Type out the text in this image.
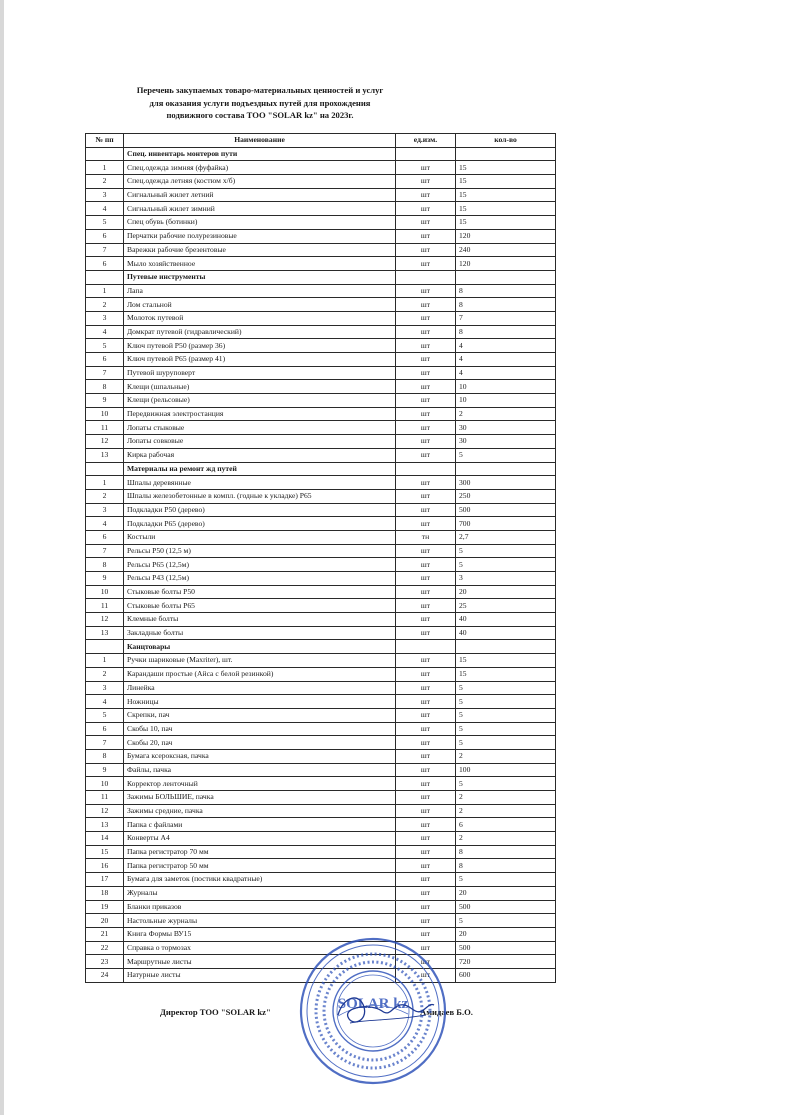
Перечень закупаемых товаро-материальных ценностей и услуг
для оказания услуги подъездных путей для прохождения
подвижного состава ТОО "SOLAR kz" на 2023г.
№ пп	Наименование	ед.изм.	кол-во
	Спец. инвентарь монтеров пути		
1	Спец.одежда зимняя (фуфайка)	шт	15
2	Спец.одежда летняя (костюм х/б)	шт	15
3	Сигнальный жилет летний	шт	15
4	Сигнальный жилет зимний	шт	15
5	Спец обувь (ботинки)	шт	15
6	Перчатки рабочие полурезиновые	шт	120
7	Варежки рабочие брезентовые	шт	240
6	Мыло хозяйственное	шт	120
	Путевые инструменты		
1	Лапа	шт	8
2	Лом стальной	шт	8
3	Молоток путевой	шт	7
4	Домкрат путевой (гидравлический)	шт	8
5	Ключ путевой Р50 (размер 36)	шт	4
6	Ключ путевой Р65 (размер 41)	шт	4
7	Путевой шуруповерт	шт	4
8	Клещи (шпальные)	шт	10
9	Клещи (рельсовые)	шт	10
10	Передвижная электростанция	шт	2
11	Лопаты стыковые	шт	30
12	Лопаты совковые	шт	30
13	Кирка рабочая	шт	5
	Материалы на ремонт жд путей		
1	Шпалы деревянные	шт	300
2	Шпалы железобетонные в компл. (годные к укладке) Р65	шт	250
3	Подкладки Р50 (дерево)	шт	500
4	Подкладки Р65 (дерево)	шт	700
6	Костыли	тн	2,7
7	Рельсы Р50 (12,5 м)	шт	5
8	Рельсы Р65 (12,5м)	шт	5
9	Рельсы Р43 (12,5м)	шт	3
10	Стыковые болты Р50	шт	20
11	Стыковые болты Р65	шт	25
12	Клемные болты	шт	40
13	Закладные болты	шт	40
	Канцтовары		
1	Ручки шариковые (Maxriter), шт.	шт	15
2	Карандаши простые (Айса с белой резинкой)	шт	15
3	Линейка	шт	5
4	Ножницы	шт	5
5	Скрепки, пач	шт	5
6	Скобы 10, пач	шт	5
7	Скобы 20, пач	шт	5
8	Бумага ксероксная, пачка	шт	2
9	Файлы, пачка	шт	100
10	Корректор ленточный	шт	5
11	Зажимы БОЛЬШИЕ, пачка	шт	2
12	Зажимы средние, пачка	шт	2
13	Папка с файлами	шт	6
14	Конверты А4	шт	2
15	Папка регистратор 70 мм	шт	8
16	Папка регистратор 50 мм	шт	8
17	Бумага для заметок (постики квадратные)	шт	5
18	Журналы	шт	20
19	Бланки приказов	шт	500
20	Настольные журналы	шт	5
21	Книга Формы ВУ15	шт	20
22	Справка о тормозах	шт	500
23	Маршрутные листы	шт	720
24	Натурные листы	шт	600
Директор ТОО "SOLAR kz"	Амидаев Б.О.
SOLAR kz
